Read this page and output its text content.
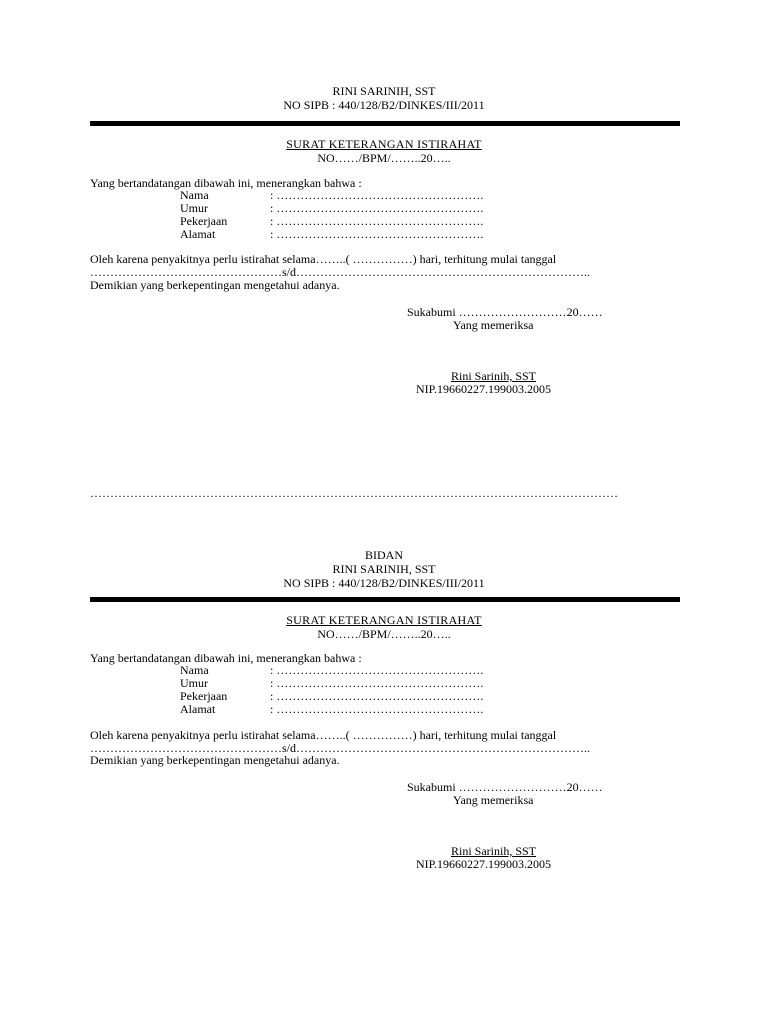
RINI SARINIH, SST
NO SIPB : 440/128/B2/DINKES/III/2011
SURAT KETERANGAN ISTIRAHAT
NO……/BPM/……..20…..
Yang bertandatangan dibawah ini, menerangkan bahwa :
Nama	: …………………………………………….
Umur	: …………………………………………….
Pekerjaan	: …………………………………………….
Alamat	: …………………………………………….
Oleh karena penyakitnya perlu istirahat selama……..( ……………) hari, terhitung mulai tanggal
…………………………………………s/d………………………………………………………………..
Demikian yang berkepentingan mengetahui adanya.
Sukabumi ………………………20……
Yang memeriksa
Rini Sarinih, SST
NIP.19660227.199003.2005
……………………………………………………………………………………………………………………
BIDAN
RINI SARINIH, SST
NO SIPB : 440/128/B2/DINKES/III/2011
SURAT KETERANGAN ISTIRAHAT
NO……/BPM/……..20…..
Yang bertandatangan dibawah ini, menerangkan bahwa :
Nama	: …………………………………………….
Umur	: …………………………………………….
Pekerjaan	: …………………………………………….
Alamat	: …………………………………………….
Oleh karena penyakitnya perlu istirahat selama……..( ……………) hari, terhitung mulai tanggal
…………………………………………s/d………………………………………………………………..
Demikian yang berkepentingan mengetahui adanya.
Sukabumi ………………………20……
Yang memeriksa
Rini Sarinih, SST
NIP.19660227.199003.2005
